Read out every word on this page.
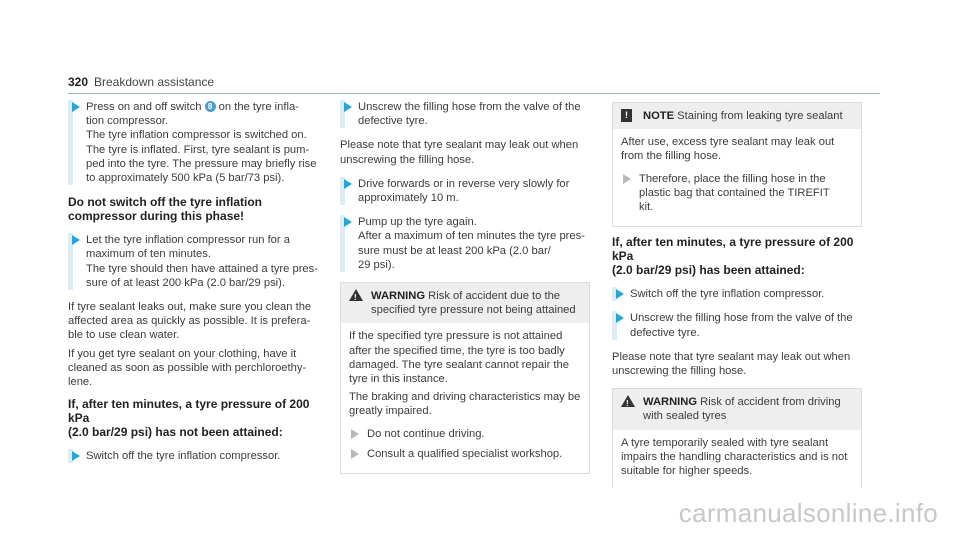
320 Breakdown assistance
Press on and off switch 8 on the tyre infla-
tion compressor.
The tyre inflation compressor is switched on.
The tyre is inflated. First, tyre sealant is pum-
ped into the tyre. The pressure may briefly rise
to approximately 500 kPa (5 bar/73 psi).
Do not switch off the tyre inflation compressor during this phase!
Let the tyre inflation compressor run for a
maximum of ten minutes.
The tyre should then have attained a tyre pres-
sure of at least 200 kPa (2.0 bar/29 psi).

If tyre sealant leaks out, make sure you clean the
affected area as quickly as possible. It is prefera-
ble to use clean water.

If you get tyre sealant on your clothing, have it
cleaned as soon as possible with perchloroethy-
lene.

If, after ten minutes, a tyre pressure of 200 kPa
(2.0 bar/29 psi) has not been attained:
Switch off the tyre inflation compressor.
Unscrew the filling hose from the valve of the
defective tyre.

Please note that tyre sealant may leak out when
unscrewing the filling hose.

Drive forwards or in reverse very slowly for
approximately 10 m.
Pump up the tyre again.
After a maximum of ten minutes the tyre pres-
sure must be at least 200 kPa (2.0 bar/
29 psi).
!
WARNING Risk of accident due to the
specified tyre pressure not being attained

If the specified tyre pressure is not attained
after the specified time, the tyre is too badly
damaged. The tyre sealant cannot repair the
tyre in this instance.

The braking and driving characteristics may be
greatly impaired.

Do not continue driving.
Consult a qualified specialist workshop.
!	NOTE Staining from leaking tyre sealant

After use, excess tyre sealant may leak out
from the filling hose.

Therefore, place the filling hose in the
plastic bag that contained the TIREFIT
kit.
If, after ten minutes, a tyre pressure of 200 kPa
(2.0 bar/29 psi) has been attained:
Switch off the tyre inflation compressor.
Unscrew the filling hose from the valve of the
defective tyre.

Please note that tyre sealant may leak out when
unscrewing the filling hose.

!
WARNING Risk of accident from driving
with sealed tyres

A tyre temporarily sealed with tyre sealant
impairs the handling characteristics and is not
suitable for higher speeds.

carmanualsonline.info
